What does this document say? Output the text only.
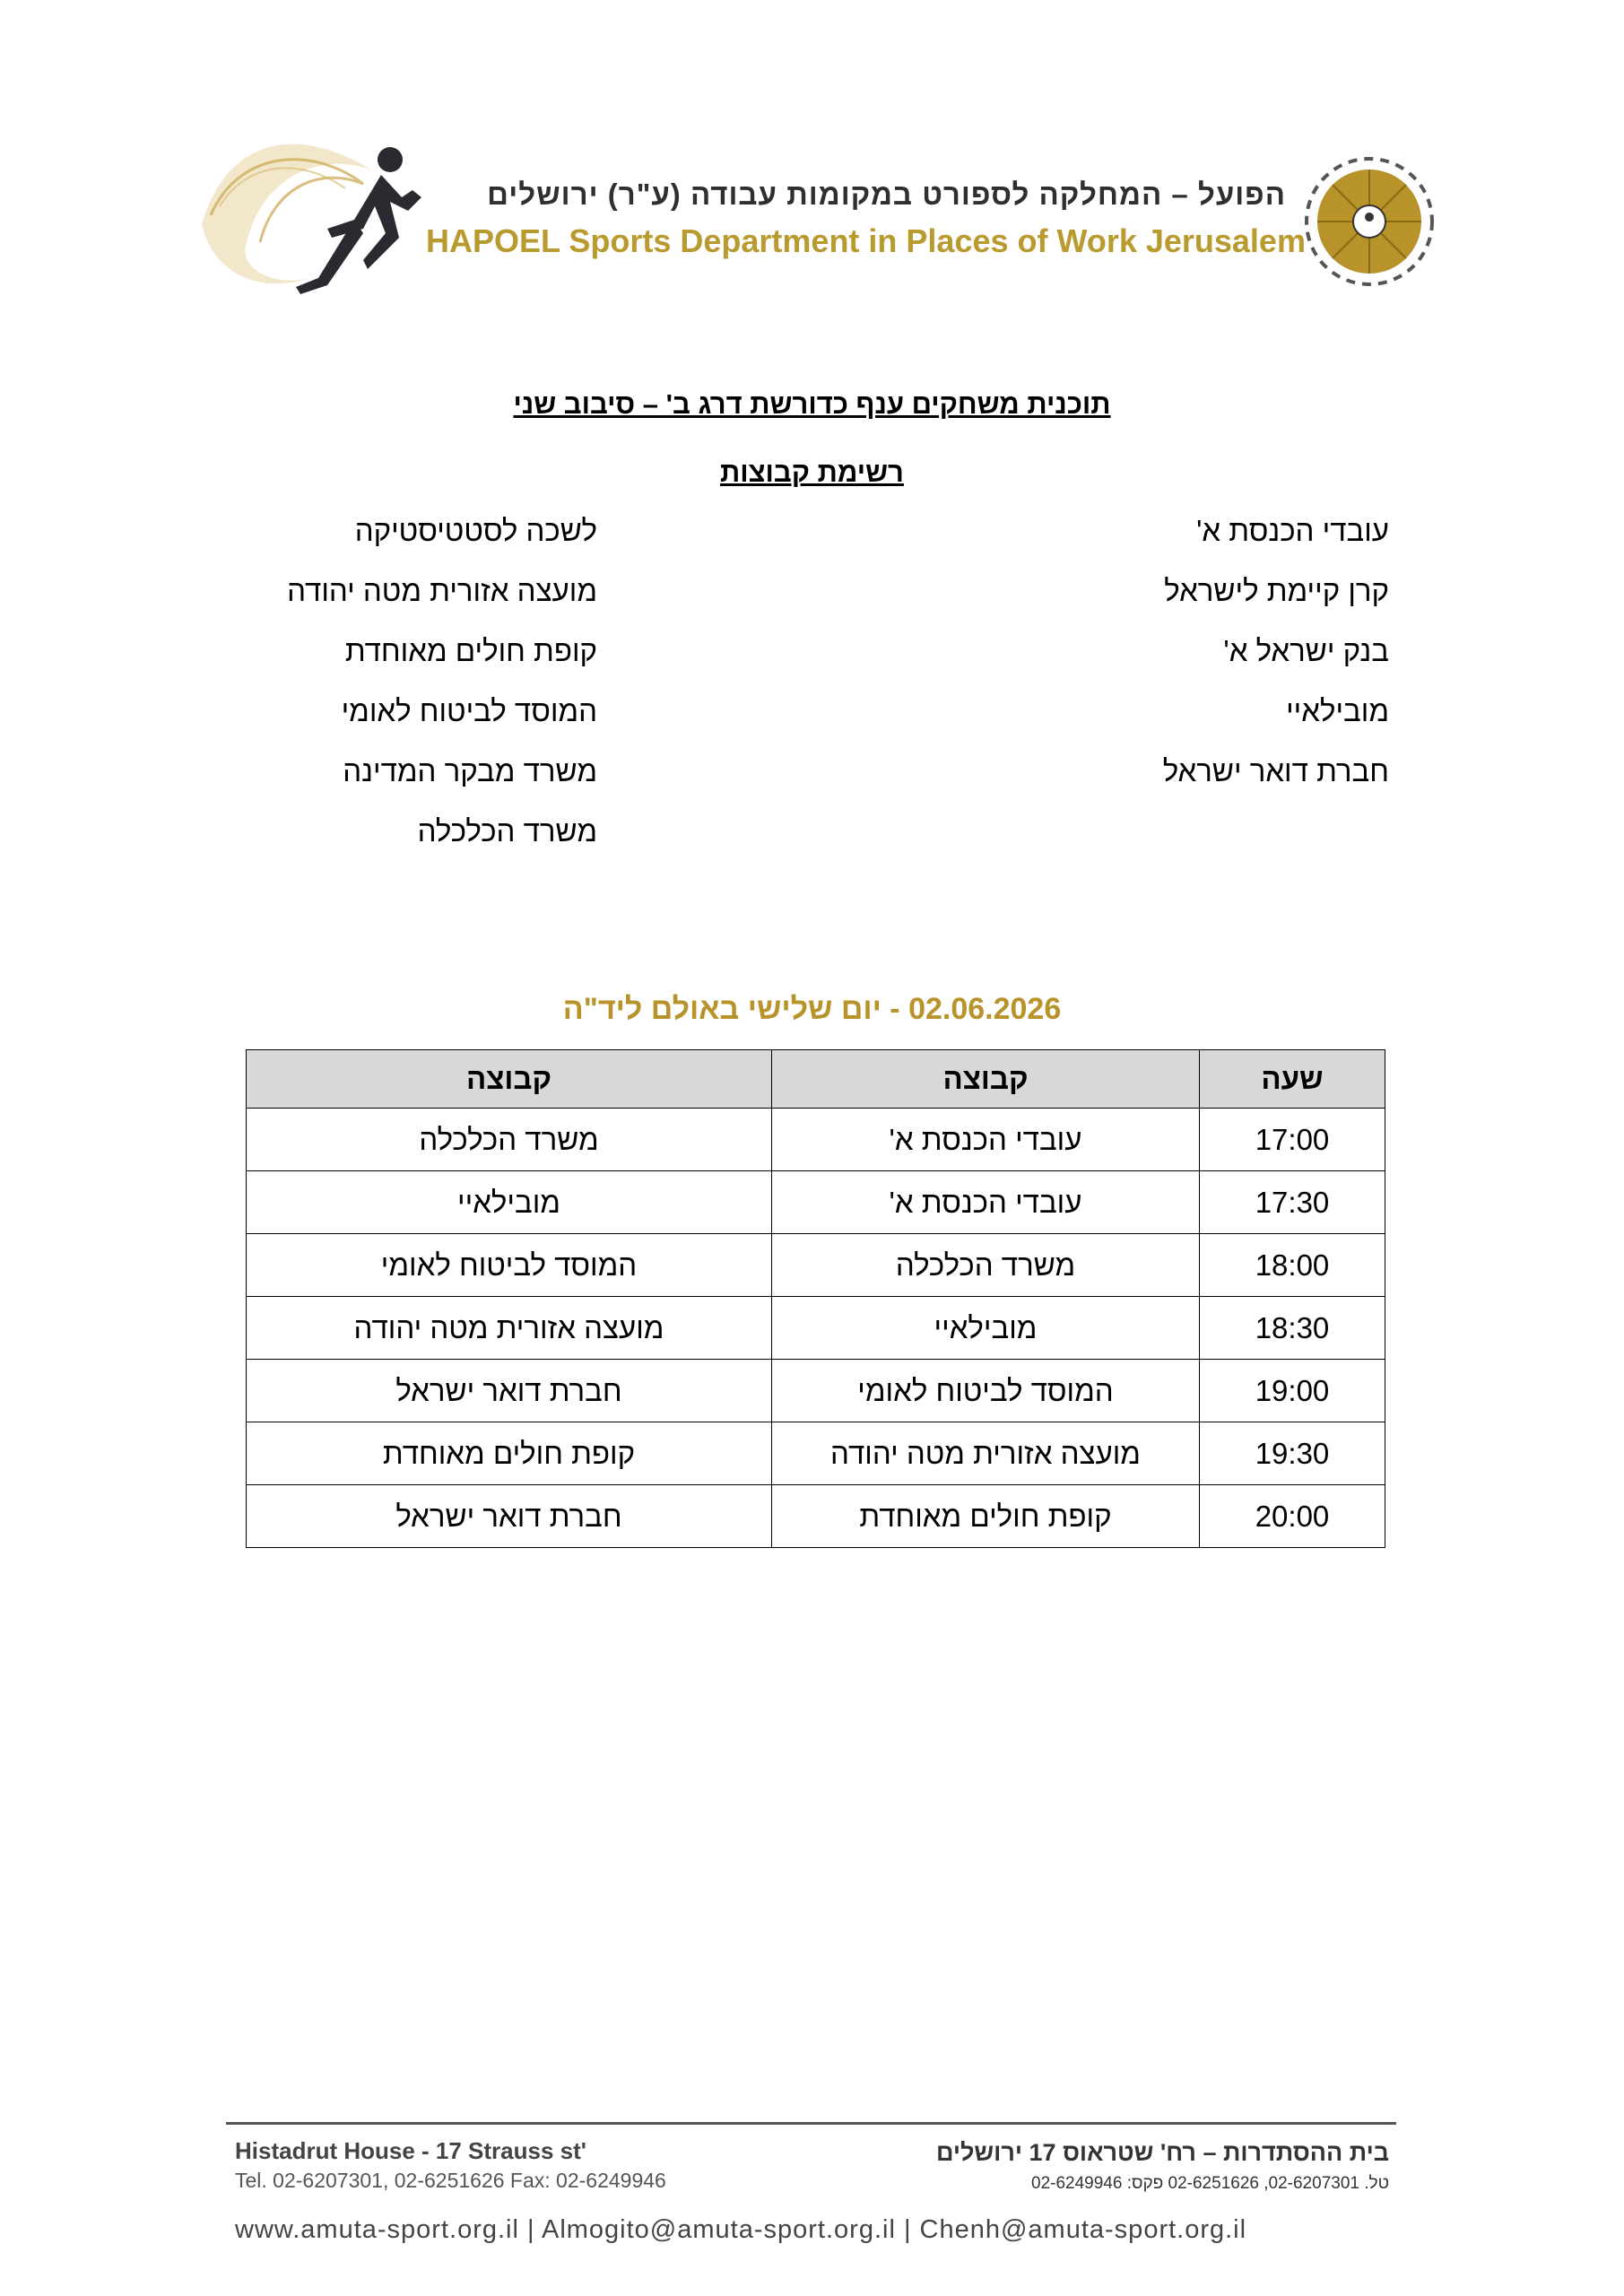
הפועל – המחלקה לספורט במקומות עבודה (ע"ר) ירושלים
HAPOEL Sports Department in Places of Work Jerusalem
תוכנית משחקים ענף כדורשת דרג ב' – סיבוב שני
רשימת קבוצות
עובדי הכנסת א'
קרן קיימת לישראל
בנק ישראל א'
מובילאיי
חברת דואר ישראל
לשכה לסטטיסטיקה
מועצה אזורית מטה יהודה
קופת חולים מאוחדת
המוסד לביטוח לאומי
משרד מבקר המדינה
משרד הכלכלה
02.06.2026 - יום שלישי באולם ליד"ה
שעה	קבוצה	קבוצה
17:00	עובדי הכנסת א'	משרד הכלכלה
17:30	עובדי הכנסת א'	מובילאיי
18:00	משרד הכלכלה	המוסד לביטוח לאומי
18:30	מובילאיי	מועצה אזורית מטה יהודה
19:00	המוסד לביטוח לאומי	חברת דואר ישראל
19:30	מועצה אזורית מטה יהודה	קופת חולים מאוחדת
20:00	קופת חולים מאוחדת	חברת דואר ישראל
Histadrut House - 17 Strauss st'
Tel. 02-6207301, 02-6251626 Fax: 02-6249946
בית ההסתדרות – רח' שטראוס 17 ירושלים
טל. 02-6207301, 02-6251626 פקס: 02-6249946
www.amuta-sport.org.il | Almogito@amuta-sport.org.il | Chenh@amuta-sport.org.il
